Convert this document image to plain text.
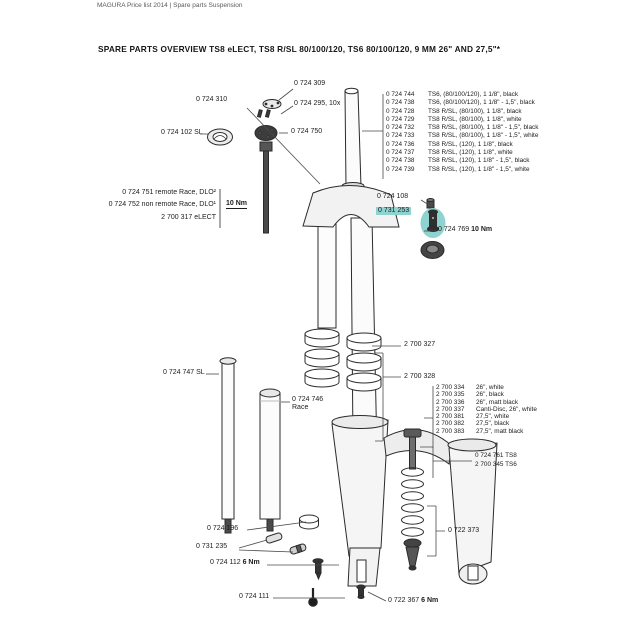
MAGURA Price list 2014 | Spare parts Suspension
SPARE PARTS OVERVIEW TS8 eLECT, TS8 R/SL 80/100/120, TS6 80/100/120, 9 MM 26" AND 27,5"*
0 724 310
0 724 309
0 724 295, 10x
0 724 102 SL	0 724 750
0 724 751 remote Race, DLO²
0 724 752 non remote Race, DLO¹ 10 Nm
2 700 317 eLECT
0 724 744	TS6, (80/100/120), 1 1/8", black
0 724 738	TS6, (80/100/120), 1 1/8" - 1,5", black
0 724 728	TS8 R/SL, (80/100), 1 1/8", black
0 724 729	TS8 R/SL, (80/100), 1 1/8", white
0 724 732	TS8 R/SL, (80/100), 1 1/8" - 1,5", black
0 724 733	TS8 R/SL, (80/100), 1 1/8" - 1,5", white
0 724 736	TS8 R/SL, (120), 1 1/8", black
0 724 737	TS8 R/SL, (120), 1 1/8", white
0 724 738	TS8 R/SL, (120), 1 1/8" - 1,5", black
0 724 739	TS8 R/SL, (120), 1 1/8" - 1,5", white
0 724 108
0 731 253
0 724 769 10 Nm
2 700 327
2 700 328
0 724 747 SL
0 724 746
Race
2 700 334	26", white
2 700 335	26", black
2 700 336	26", matt black
2 700 337	Canti-Disc, 26", white
2 700 381	27,5", white
2 700 382	27,5", black
2 700 383	27,5", matt black
0 724 761 TS8
2 700 345 TS6
0 722 373
0 724 196
0 731 235
0 724 112 6 Nm
0 724 111
0 722 367 6 Nm
